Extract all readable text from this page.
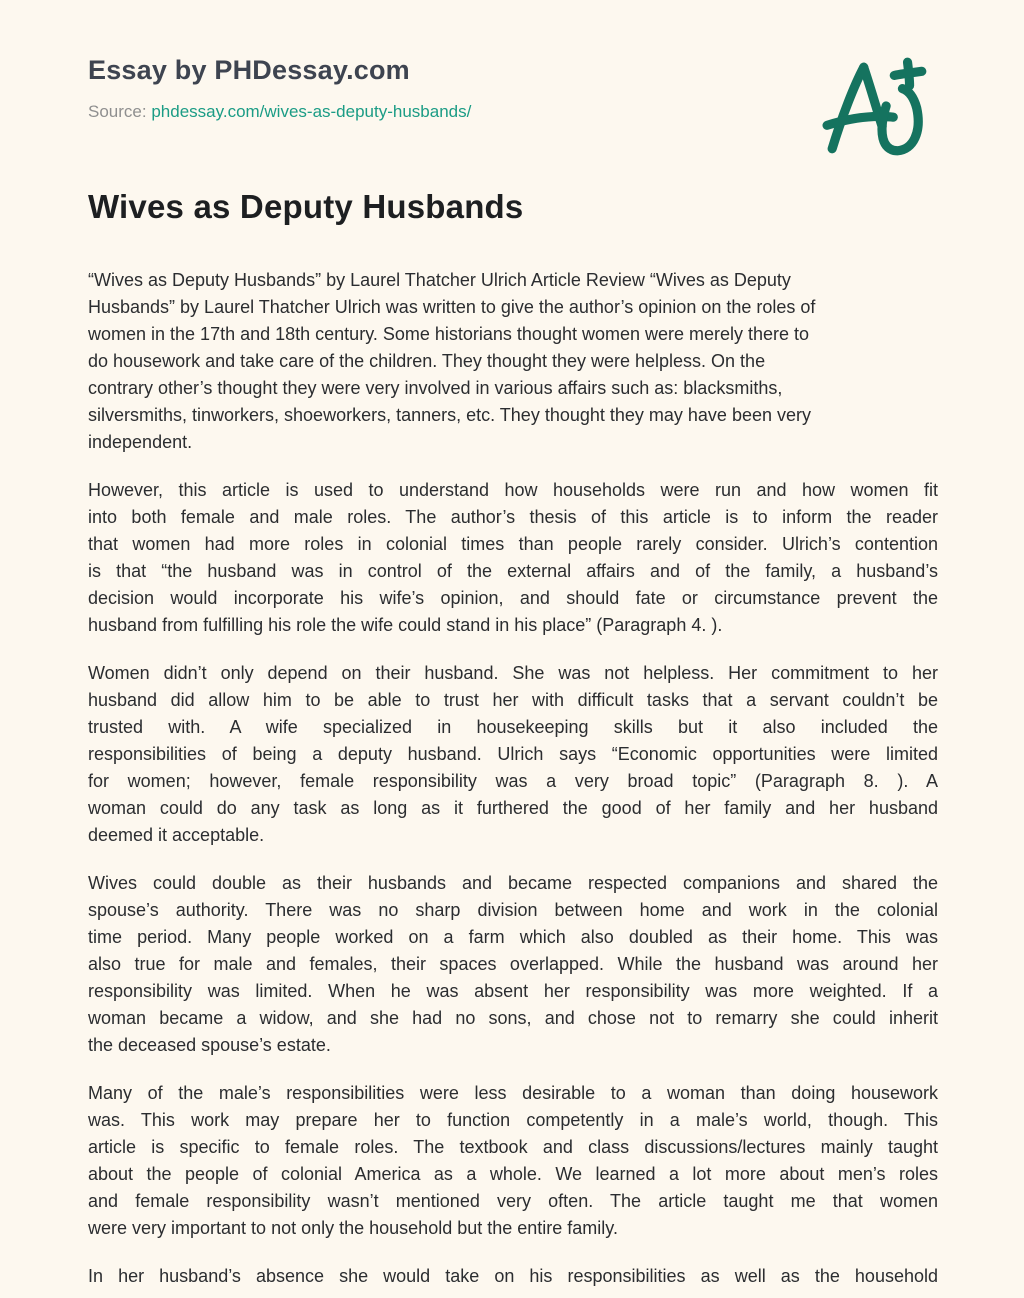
Essay by PHDessay.com
Source: phdessay.com/wives-as-deputy-husbands/
Wives as Deputy Husbands
“Wives as Deputy Husbands” by Laurel Thatcher Ulrich Article Review “Wives as Deputy
Husbands” by Laurel Thatcher Ulrich was written to give the author’s opinion on the roles of
women in the 17th and 18th century. Some historians thought women were merely there to
do housework and take care of the children. They thought they were helpless. On the
contrary other’s thought they were very involved in various affairs such as: blacksmiths,
silversmiths, tinworkers, shoeworkers, tanners, etc. They thought they may have been very
independent.
However, this article is used to understand how households were run and how women fit
into both female and male roles. The author’s thesis of this article is to inform the reader
that women had more roles in colonial times than people rarely consider. Ulrich’s contention
is that “the husband was in control of the external affairs and of the family, a husband’s
decision would incorporate his wife’s opinion, and should fate or circumstance prevent the
husband from fulfilling his role the wife could stand in his place” (Paragraph 4. ).
Women didn’t only depend on their husband. She was not helpless. Her commitment to her
husband did allow him to be able to trust her with difficult tasks that a servant couldn’t be
trusted with. A wife specialized in housekeeping skills but it also included the
responsibilities of being a deputy husband. Ulrich says “Economic opportunities were limited
for women; however, female responsibility was a very broad topic” (Paragraph 8. ). A
woman could do any task as long as it furthered the good of her family and her husband
deemed it acceptable.
Wives could double as their husbands and became respected companions and shared the
spouse’s authority. There was no sharp division between home and work in the colonial
time period. Many people worked on a farm which also doubled as their home. This was
also true for male and females, their spaces overlapped. While the husband was around her
responsibility was limited. When he was absent her responsibility was more weighted. If a
woman became a widow, and she had no sons, and chose not to remarry she could inherit
the deceased spouse’s estate.
Many of the male’s responsibilities were less desirable to a woman than doing housework
was. This work may prepare her to function competently in a male’s world, though. This
article is specific to female roles. The textbook and class discussions/lectures mainly taught
about the people of colonial America as a whole. We learned a lot more about men’s roles
and female responsibility wasn’t mentioned very often. The article taught me that women
were very important to not only the household but the entire family.
In her husband’s absence she would take on his responsibilities as well as the household
